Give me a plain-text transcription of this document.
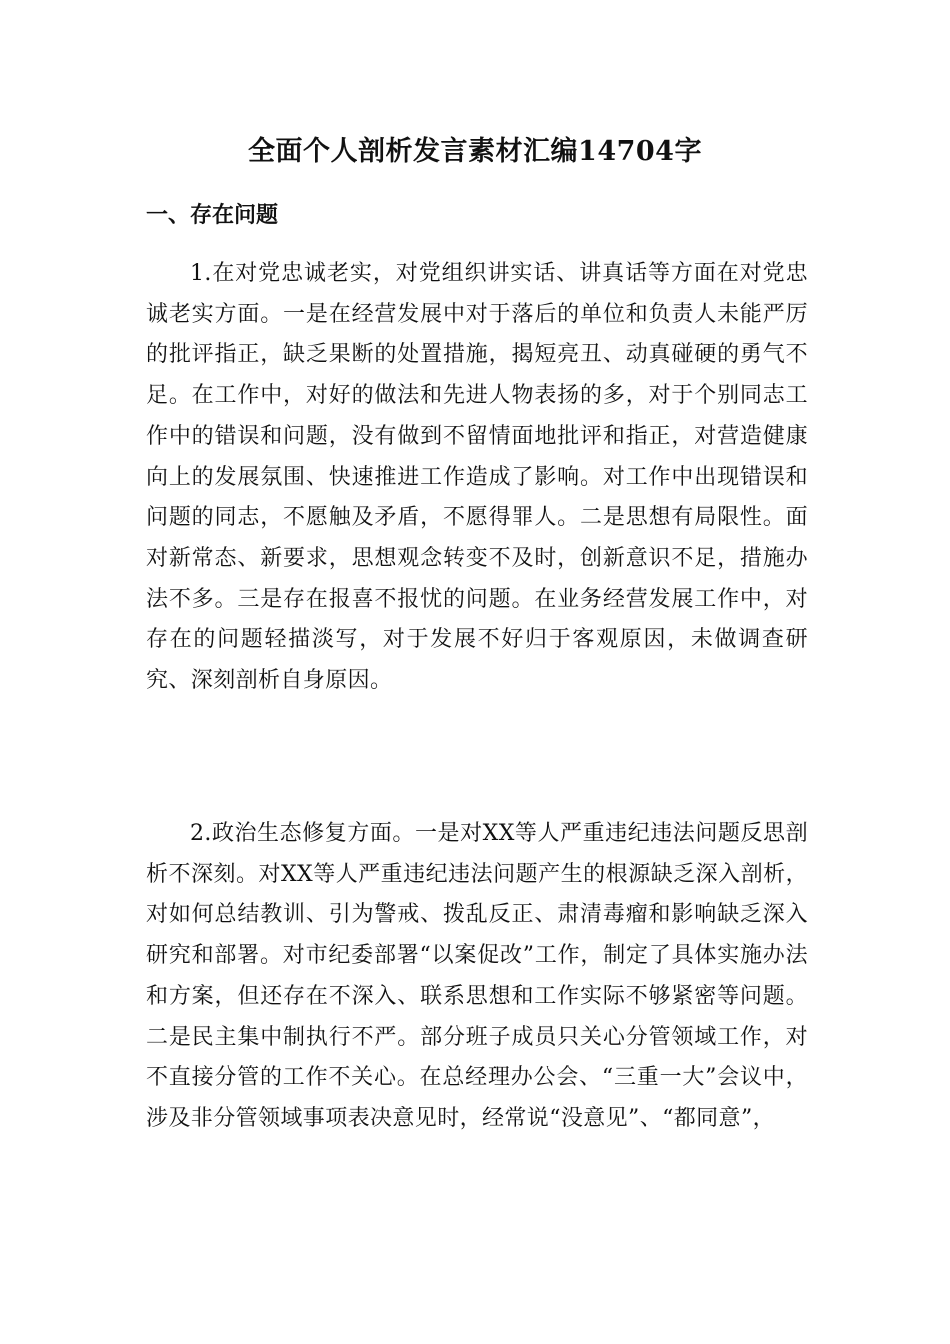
全面个人剖析发言素材汇编14704字
一、存在问题
1.在对党忠诚老实，对党组织讲实话、讲真话等方面在对党忠诚老实方面。一是在经营发展中对于落后的单位和负责人未能严厉的批评指正，缺乏果断的处置措施，揭短亮丑、动真碰硬的勇气不足。在工作中，对好的做法和先进人物表扬的多，对于个别同志工作中的错误和问题，没有做到不留情面地批评和指正，对营造健康向上的发展氛围、快速推进工作造成了影响。对工作中出现错误和问题的同志，不愿触及矛盾，不愿得罪人。二是思想有局限性。面对新常态、新要求，思想观念转变不及时，创新意识不足，措施办法不多。三是存在报喜不报忧的问题。在业务经营发展工作中，对存在的问题轻描淡写，对于发展不好归于客观原因，未做调查研究、深刻剖析自身原因。
2.政治生态修复方面。一是对XX等人严重违纪违法问题反思剖析不深刻。对XX等人严重违纪违法问题产生的根源缺乏深入剖析，对如何总结教训、引为警戒、拨乱反正、肃清毒瘤和影响缺乏深入研究和部署。对市纪委部署“以案促改”工作，制定了具体实施办法和方案，但还存在不深入、联系思想和工作实际不够紧密等问题。二是民主集中制执行不严。部分班子成员只关心分管领域工作，对不直接分管的工作不关心。在总经理办公会、“三重一大”会议中，涉及非分管领域事项表决意见时，经常说“没意见”、“都同意”，
